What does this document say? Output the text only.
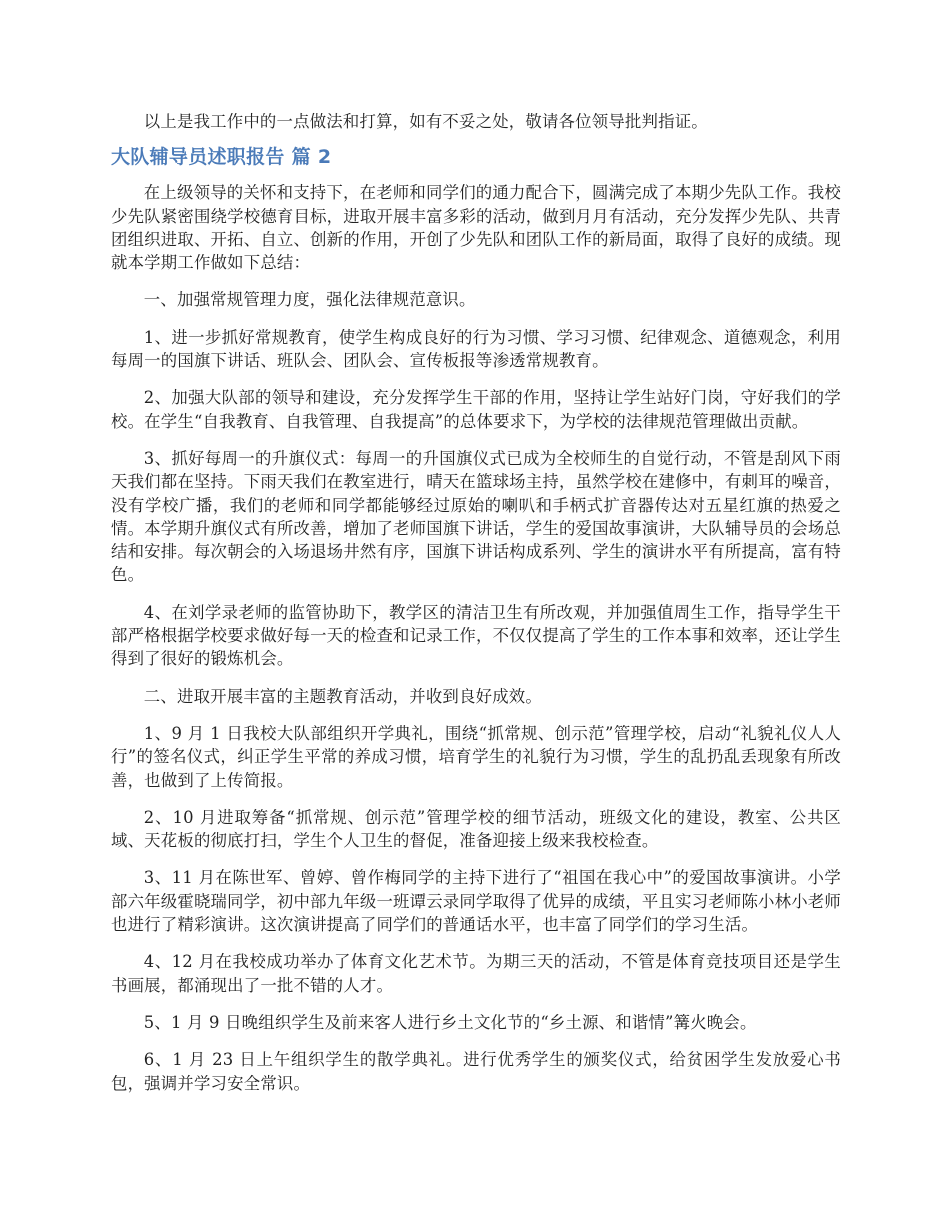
以上是我工作中的一点做法和打算，如有不妥之处，敬请各位领导批判指证。

大队辅导员述职报告 篇 2

在上级领导的关怀和支持下，在老师和同学们的通力配合下，圆满完成了本期少先队工作。我校少先队紧密围绕学校德育目标，进取开展丰富多彩的活动，做到月月有活动，充分发挥少先队、共青团组织进取、开拓、自立、创新的作用，开创了少先队和团队工作的新局面，取得了良好的成绩。现就本学期工作做如下总结：

一、加强常规管理力度，强化法律规范意识。

1、进一步抓好常规教育，使学生构成良好的行为习惯、学习习惯、纪律观念、道德观念，利用每周一的国旗下讲话、班队会、团队会、宣传板报等渗透常规教育。

2、加强大队部的领导和建设，充分发挥学生干部的作用，坚持让学生站好门岗，守好我们的学校。在学生“自我教育、自我管理、自我提高”的总体要求下，为学校的法律规范管理做出贡献。

3、抓好每周一的升旗仪式：每周一的升国旗仪式已成为全校师生的自觉行动，不管是刮风下雨天我们都在坚持。下雨天我们在教室进行，晴天在篮球场主持，虽然学校在建修中，有刺耳的噪音，没有学校广播，我们的老师和同学都能够经过原始的喇叭和手柄式扩音器传达对五星红旗的热爱之情。本学期升旗仪式有所改善，增加了老师国旗下讲话，学生的爱国故事演讲，大队辅导员的会场总结和安排。每次朝会的入场退场井然有序，国旗下讲话构成系列、学生的演讲水平有所提高，富有特色。

4、在刘学录老师的监管协助下，教学区的清洁卫生有所改观，并加强值周生工作，指导学生干部严格根据学校要求做好每一天的检查和记录工作，不仅仅提高了学生的工作本事和效率，还让学生得到了很好的锻炼机会。

二、进取开展丰富的主题教育活动，并收到良好成效。

1、9 月 1 日我校大队部组织开学典礼，围绕“抓常规、创示范”管理学校，启动“礼貌礼仪人人行”的签名仪式，纠正学生平常的养成习惯，培育学生的礼貌行为习惯，学生的乱扔乱丢现象有所改善，也做到了上传简报。

2、10 月进取筹备“抓常规、创示范”管理学校的细节活动，班级文化的建设，教室、公共区域、天花板的彻底打扫，学生个人卫生的督促，准备迎接上级来我校检查。

3、11 月在陈世军、曾婷、曾作梅同学的主持下进行了“祖国在我心中”的爱国故事演讲。小学部六年级霍晓瑞同学，初中部九年级一班谭云录同学取得了优异的成绩，平且实习老师陈小林小老师也进行了精彩演讲。这次演讲提高了同学们的普通话水平，也丰富了同学们的学习生活。

4、12 月在我校成功举办了体育文化艺术节。为期三天的活动，不管是体育竞技项目还是学生书画展，都涌现出了一批不错的人才。

5、1 月 9 日晚组织学生及前来客人进行乡土文化节的“乡土源、和谐情”篝火晚会。

6、1 月 23 日上午组织学生的散学典礼。进行优秀学生的颁奖仪式，给贫困学生发放爱心书包，强调并学习安全常识。
